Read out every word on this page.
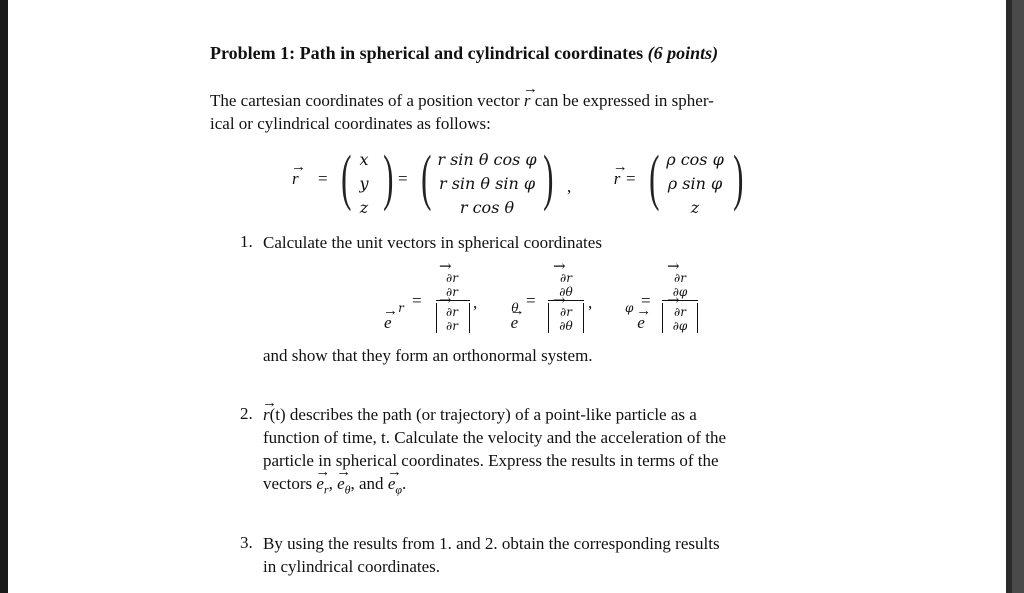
Problem 1: Path in spherical and cylindrical coordinates (6 points)
The cartesian coordinates of a position vector → r can be expressed in spher-
ical or cylindrical coordinates as follows:
→ r = ( x
y
z ) = ( r sin θ cos φ
r sin θ sin φ
r cos θ ) , → r = ( ρ cos φ
ρ sin φ
z )
1. Calculate the unit vectors in spherical coordinates
→ e
r =
→ ∂r
∂r
→ ∂r
∂r
,
→ e
θ =
→ ∂r
∂θ
→ ∂r
∂θ
,
→ e
φ =
→ ∂r
∂φ
→ ∂r
∂φ
and show that they form an orthonormal system.
2. → r(t) describes the path (or trajectory) of a point-like particle as a
function of time, t. Calculate the velocity and the acceleration of the
particle in spherical coordinates. Express the results in terms of the
vectors → $e_r$, → $e_\theta$, and → $e_\varphi$.
3. By using the results from 1. and 2. obtain the corresponding results
in cylindrical coordinates.
